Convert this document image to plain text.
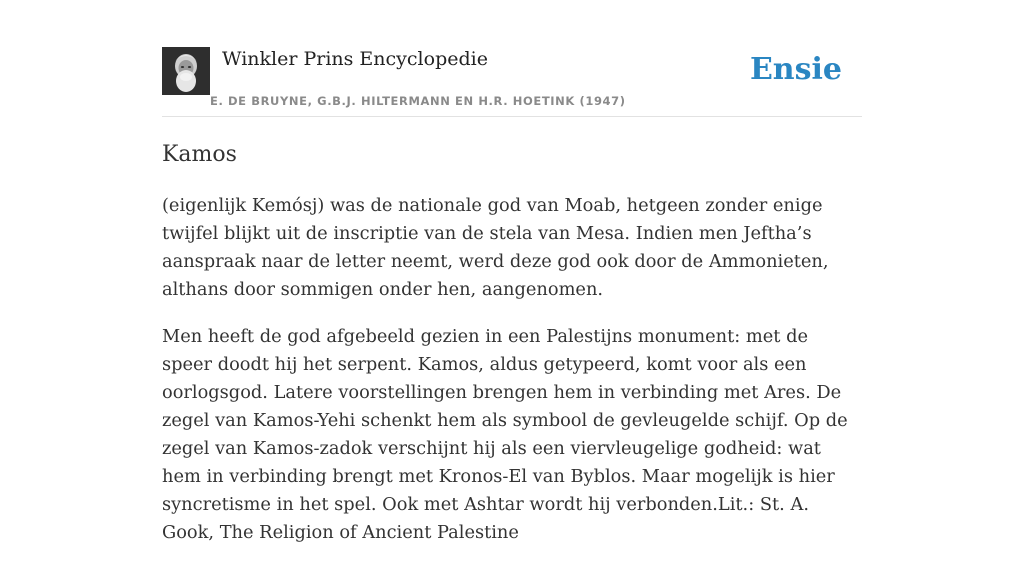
Winkler Prins Encyclopedie
E. DE BRUYNE, G.B.J. HILTERMANN EN H.R. HOETINK (1947)
Ensie
Kamos

(eigenlijk Kemósj) was de nationale god van Moab, hetgeen zonder enige twijfel blijkt uit de inscriptie van de stela van Mesa. Indien men Jeftha’s aanspraak naar de letter neemt, werd deze god ook door de Ammonieten, althans door sommigen onder hen, aangenomen.

Men heeft de god afgebeeld gezien in een Palestijns monument: met de speer doodt hij het serpent. Kamos, aldus getypeerd, komt voor als een oorlogsgod. Latere voorstellingen brengen hem in verbinding met Ares. De zegel van Kamos-Yehi schenkt hem als symbool de gevleugelde schijf. Op de zegel van Kamos-zadok verschijnt hij als een viervleugelige godheid: wat hem in verbinding brengt met Kronos-El van Byblos. Maar mogelijk is hier syncretisme in het spel. Ook met Ashtar wordt hij verbonden.Lit.: St. A. Gook, The Religion of Ancient Palestine
